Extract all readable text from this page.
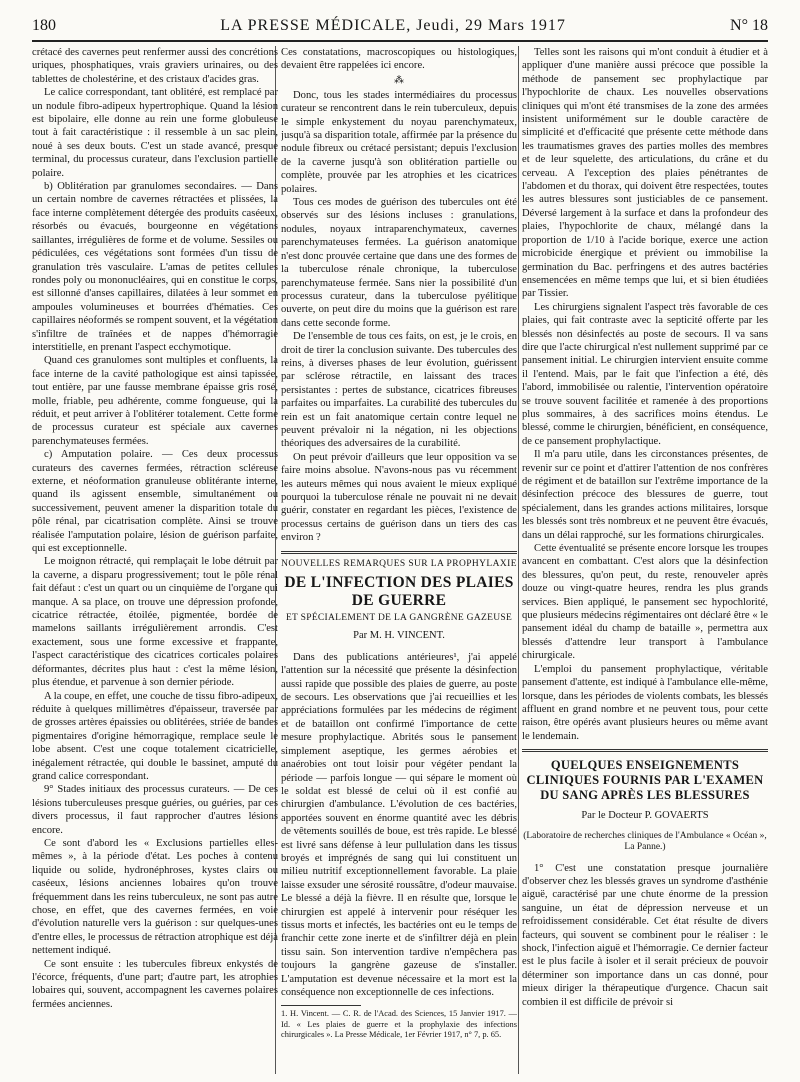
180	LA PRESSE MÉDICALE, Jeudi, 29 Mars 1917	N° 18

crétacé des cavernes peut renfermer aussi des concrétions uriques, phosphatiques, vrais graviers urinaires, ou des tablettes de cholestérine, et des cristaux d'acides gras.

Le calice correspondant, tant oblitéré, est remplacé par un nodule fibro-adipeux hypertrophique. Quand la lésion est bipolaire, elle donne au rein une forme globuleuse tout à fait caractéristique : il ressemble à un sac plein, noué à ses deux bouts. C'est un stade avancé, presque terminal, du processus curateur, dans l'exclusion partielle polaire.

b) Oblitération par granulomes secondaires. — Dans un certain nombre de cavernes rétractées et plissées, la face interne complètement détergée des produits caséeux, résorbés ou évacués, bourgeonne en végétations saillantes, irrégulières de forme et de volume. Sessiles ou pédiculées, ces végétations sont formées d'un tissu de granulation très vasculaire. L'amas de petites cellules rondes poly ou mononucléaires, qui en constitue le corps, est sillonné d'anses capillaires, dilatées à leur sommet en ampoules volumineuses et bourrées d'hématies. Ces capillaires néoformés se rompent souvent, et la végétation s'infiltre de traînées et de nappes d'hémorragie interstitielle, en prenant l'aspect ecchymotique.

Quand ces granulomes sont multiples et confluents, la face interne de la cavité pathologique est ainsi tapissée, tout entière, par une fausse membrane épaisse gris rosé, molle, friable, peu adhérente, comme fongueuse, qui la réduit, et peut arriver à l'oblitérer totalement. Cette forme de processus curateur est spéciale aux cavernes parenchymateuses fermées.

c) Amputation polaire. — Ces deux processus curateurs des cavernes fermées, rétraction scléreuse externe, et néoformation granuleuse oblitérante interne, quand ils agissent ensemble, simultanément ou successivement, peuvent amener la disparition totale du pôle rénal, par cicatrisation complète. Ainsi se trouve réalisée l'amputation polaire, lésion de guérison parfaite, qui est exceptionnelle.

Le moignon rétracté, qui remplaçait le lobe détruit par la caverne, a disparu progressivement; tout le pôle rénal fait défaut : c'est un quart ou un cinquième de l'organe qui manque. A sa place, on trouve une dépression profonde, cicatrice rétractée, étoilée, pigmentée, bordée de mamelons saillants irrégulièrement arrondis. C'est exactement, sous une forme excessive et frappante, l'aspect caractéristique des cicatrices corticales polaires déformantes, décrites plus haut : c'est la même lésion, plus étendue, et parvenue à son dernier période.

A la coupe, en effet, une couche de tissu fibro-adipeux, réduite à quelques millimètres d'épaisseur, traversée par de grosses artères épaissies ou oblitérées, striée de bandes pigmentaires d'origine hémorragique, remplace seule le lobe absent. C'est une coque totalement cicatricielle, inégalement rétractée, qui double le bassinet, amputé du grand calice correspondant.

9° Stades initiaux des processus curateurs. — De ces lésions tuberculeuses presque guéries, ou guéries, par ces divers processus, il faut rapprocher d'autres lésions encore.

Ce sont d'abord les « Exclusions partielles elles-mêmes », à la période d'état. Les poches à contenu liquide ou solide, hydronéphroses, kystes clairs ou caséeux, lésions anciennes lobaires qu'on trouve fréquemment dans les reins tuberculeux, ne sont pas autre chose, en effet, que des cavernes fermées, en voie d'évolution naturelle vers la guérison : sur quelques-unes d'entre elles, le processus de rétraction atrophique est déjà nettement indiqué.

Ce sont ensuite : les tubercules fibreux enkystés de l'écorce, fréquents, d'une part; d'autre part, les atrophies lobaires qui, souvent, accompagnent les cavernes polaires fermées anciennes.

Ces constatations, macroscopiques ou histologiques, devaient être rappelées ici encore.

⁂

Donc, tous les stades intermédiaires du processus curateur se rencontrent dans le rein tuberculeux, depuis le simple enkystement du noyau parenchymateux, jusqu'à sa disparition totale, affirmée par la présence du nodule fibreux ou crétacé persistant; depuis l'exclusion de la caverne jusqu'à son oblitération partielle ou complète, prouvée par les atrophies et les cicatrices polaires.

Tous ces modes de guérison des tubercules ont été observés sur des lésions incluses : granulations, nodules, noyaux intraparenchymateux, cavernes parenchymateuses fermées. La guérison anatomique n'est donc prouvée certaine que dans une des formes de la tuberculose rénale chronique, la tuberculose parenchymateuse fermée. Sans nier la possibilité d'un processus curateur, dans la tuberculose pyélitique ouverte, on peut dire du moins que la guérison est rare dans cette seconde forme.

De l'ensemble de tous ces faits, on est, je le crois, en droit de tirer la conclusion suivante. Des tubercules des reins, à diverses phases de leur évolution, guérissent par sclérose rétractile, en laissant des traces persistantes : pertes de substance, cicatrices fibreuses parfaites ou imparfaites. La curabilité des tubercules du rein est un fait anatomique certain contre lequel ne peuvent prévaloir ni la négation, ni les objections théoriques des adversaires de la curabilité.

On peut prévoir d'ailleurs que leur opposition va se faire moins absolue. N'avons-nous pas vu récemment les auteurs mêmes qui nous avaient le mieux expliqué pourquoi la tuberculose rénale ne pouvait ni ne devait guérir, constater en regardant les pièces, l'existence de processus certains de guérison dans un tiers des cas environ ?

NOUVELLES REMARQUES SUR LA PROPHYLAXIE
DE L'INFECTION DES PLAIES DE GUERRE
ET SPÉCIALEMENT DE LA GANGRÈNE GAZEUSE
Par M. H. VINCENT.

Dans des publications antérieures¹, j'ai appelé l'attention sur la nécessité que présente la désinfection aussi rapide que possible des plaies de guerre, au poste de secours. Les observations que j'ai recueillies et les appréciations formulées par les médecins de régiment et de bataillon ont confirmé l'importance de cette mesure prophylactique. Abrités sous le pansement simplement aseptique, les germes aérobies et anaérobies ont tout loisir pour végéter pendant la période — parfois longue — qui sépare le moment où le soldat est blessé de celui où il est confié au chirurgien d'ambulance. L'évolution de ces bactéries, apportées souvent en énorme quantité avec les débris de vêtements souillés de boue, est très rapide. Le blessé est livré sans défense à leur pullulation dans les tissus broyés et imprégnés de sang qui lui constituent un milieu nutritif exceptionnellement favorable. La plaie laisse exsuder une sérosité roussâtre, d'odeur mauvaise. Le blessé a déjà la fièvre. Il en résulte que, lorsque le chirurgien est appelé à intervenir pour réséquer les tissus morts et infectés, les bactéries ont eu le temps de franchir cette zone inerte et de s'infiltrer déjà en plein tissu sain. Son intervention tardive n'empêchera pas toujours la gangrène gazeuse de s'installer. L'amputation est devenue nécessaire et la mort est la conséquence non exceptionnelle de ces infections.

1. H. Vincent. — C. R. de l'Acad. des Sciences, 15 Janvier 1917. — Id. « Les plaies de guerre et la prophylaxie des infections chirurgicales ». La Presse Médicale, 1er Février 1917, n° 7, p. 65.

Telles sont les raisons qui m'ont conduit à étudier et à appliquer d'une manière aussi précoce que possible la méthode de pansement sec prophylactique par l'hypochlorite de chaux. Les nouvelles observations cliniques qui m'ont été transmises de la zone des armées insistent uniformément sur le double caractère de simplicité et d'efficacité que présente cette méthode dans les traumatismes graves des parties molles des membres et de leur squelette, des articulations, du crâne et du cerveau. A l'exception des plaies pénétrantes de l'abdomen et du thorax, qui doivent être respectées, toutes les autres blessures sont justiciables de ce pansement. Déversé largement à la surface et dans la profondeur des plaies, l'hypochlorite de chaux, mélangé dans la proportion de 1/10 à l'acide borique, exerce une action microbicide énergique et prévient ou immobilise la germination du Bac. perfringens et des autres bactéries ensemencées en même temps que lui, et si bien étudiées par Tissier.

Les chirurgiens signalent l'aspect très favorable de ces plaies, qui fait contraste avec la septicité offerte par les blessés non désinfectés au poste de secours. Il va sans dire que l'acte chirurgical n'est nullement supprimé par ce pansement initial. Le chirurgien intervient ensuite comme il l'entend. Mais, par le fait que l'infection a été, dès l'abord, immobilisée ou ralentie, l'intervention opératoire se trouve souvent facilitée et ramenée à des proportions plus sommaires, à des sacrifices moins étendus. Le blessé, comme le chirurgien, bénéficient, en conséquence, de ce pansement prophylactique.

Il m'a paru utile, dans les circonstances présentes, de revenir sur ce point et d'attirer l'attention de nos confrères de régiment et de bataillon sur l'extrême importance de la désinfection précoce des blessures de guerre, tout spécialement, dans les grandes actions militaires, lorsque les blessés sont très nombreux et ne peuvent être évacués, dans un délai rapproché, sur les formations chirurgicales.

Cette éventualité se présente encore lorsque les troupes avancent en combattant. C'est alors que la désinfection des blessures, qu'on peut, du reste, renouveler après douze ou vingt-quatre heures, rendra les plus grands services. Bien appliqué, le pansement sec hypochlorité, que plusieurs médecins régimentaires ont déclaré être « le pansement idéal du champ de bataille », permettra aux blessés d'attendre leur transport à l'ambulance chirurgicale.

L'emploi du pansement prophylactique, véritable pansement d'attente, est indiqué à l'ambulance elle-même, lorsque, dans les périodes de violents combats, les blessés affluent en grand nombre et ne peuvent tous, pour cette raison, être opérés avant plusieurs heures ou même avant le lendemain.

QUELQUES ENSEIGNEMENTS CLINIQUES FOURNIS PAR L'EXAMEN DU SANG APRÈS LES BLESSURES
Par le Docteur P. GOVAERTS
(Laboratoire de recherches cliniques de l'Ambulance « Océan », La Panne.)

1° C'est une constatation presque journalière d'observer chez les blessés graves un syndrome d'asthénie aiguë, caractérisé par une chute énorme de la pression sanguine, un état de dépression nerveuse et un refroidissement considérable. Cet état résulte de divers facteurs, qui souvent se combinent pour le réaliser : le shock, l'infection aiguë et l'hémorragie. Ce dernier facteur est le plus facile à isoler et il serait précieux de pouvoir déterminer son importance dans un cas donné, pour mieux diriger la thérapeutique d'urgence. Chacun sait combien il est difficile de prévoir si
